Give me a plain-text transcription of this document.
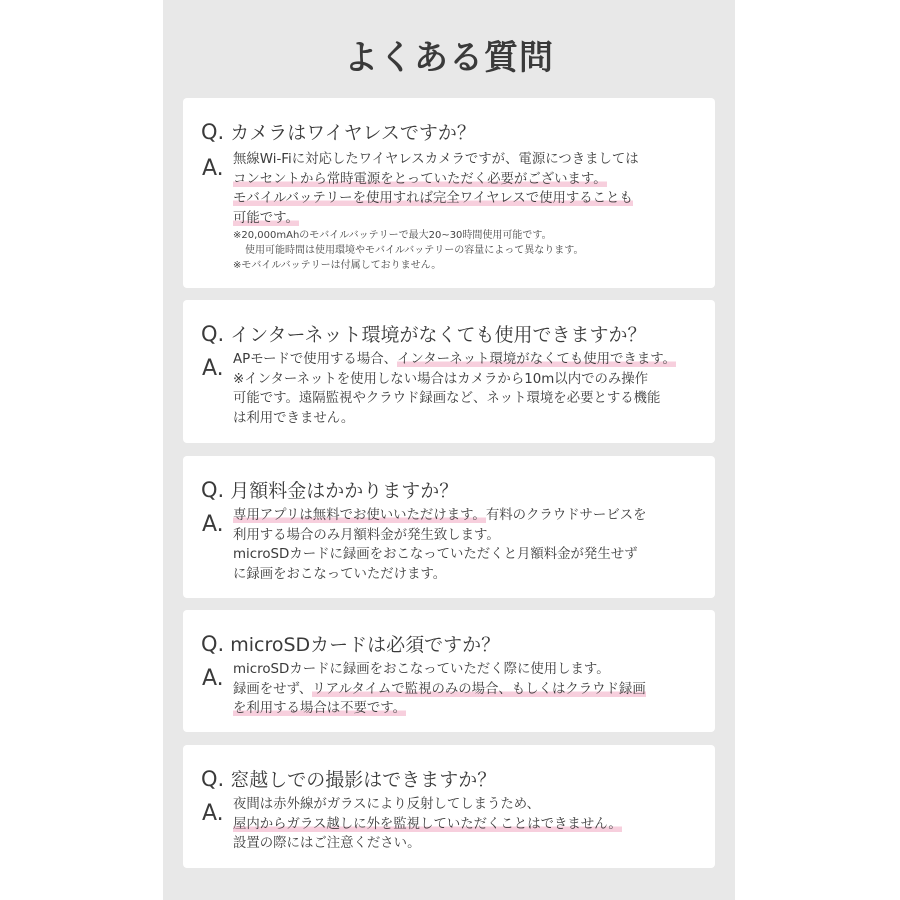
よくある質問
Q. カメラはワイヤレスですか？
A. 無線Wi-Fiに対応したワイヤレスカメラですが、電源につきましては
コンセントから常時電源をとっていただく必要がございます。
モバイルバッテリーを使用すれば完全ワイヤレスで使用することも
可能です。
※20,000mAhのモバイルバッテリーで最大20~30時間使用可能です。
使用可能時間は使用環境やモバイルバッテリーの容量によって異なります。
※モバイルバッテリーは付属しておりません。
Q. インターネット環境がなくても使用できますか？
A. APモードで使用する場合、インターネット環境がなくても使用できます。
※インターネットを使用しない場合はカメラから10m以内でのみ操作
可能です。遠隔監視やクラウド録画など、ネット環境を必要とする機能
は利用できません。
Q. 月額料金はかかりますか？
A. 専用アプリは無料でお使いいただけます。有料のクラウドサービスを
利用する場合のみ月額料金が発生致します。
microSDカードに録画をおこなっていただくと月額料金が発生せず
に録画をおこなっていただけます。
Q. microSDカードは必須ですか？
A. microSDカードに録画をおこなっていただく際に使用します。
録画をせず、リアルタイムで監視のみの場合、もしくはクラウド録画
を利用する場合は不要です。
Q. 窓越しでの撮影はできますか？
A. 夜間は赤外線がガラスにより反射してしまうため、
屋内からガラス越しに外を監視していただくことはできません。
設置の際にはご注意ください。
